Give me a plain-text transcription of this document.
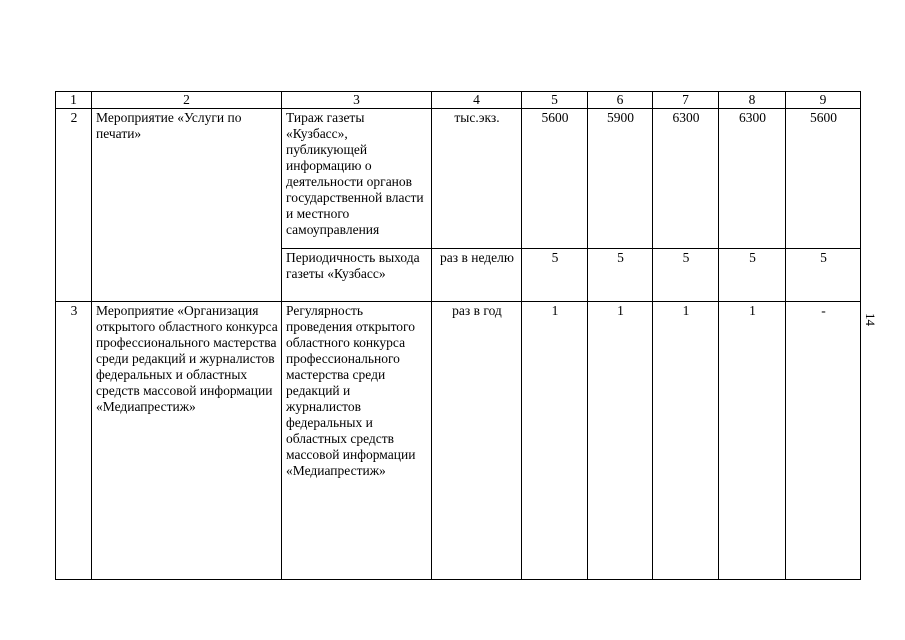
1	2	3	4	5	6	7	8	9
2	Мероприятие «Услуги по печати»	Тираж газеты «Кузбасс», публикующей информацию о деятельности органов государственной власти и местного самоуправления	тыс.экз.	5600	5900	6300	6300	5600
		Периодичность выхода газеты «Кузбасс»	раз в неделю	5	5	5	5	5
3	Мероприятие «Организация открытого областного конкурса профессионального мастерства среди редакций и журналистов федеральных и областных средств массовой информации «Медиапрестиж»	Регулярность проведения открытого областного конкурса профессионального мастерства среди редакций и журналистов федеральных и областных средств массовой информации «Медиапрестиж»	раз в год	1	1	1	1	-
14
